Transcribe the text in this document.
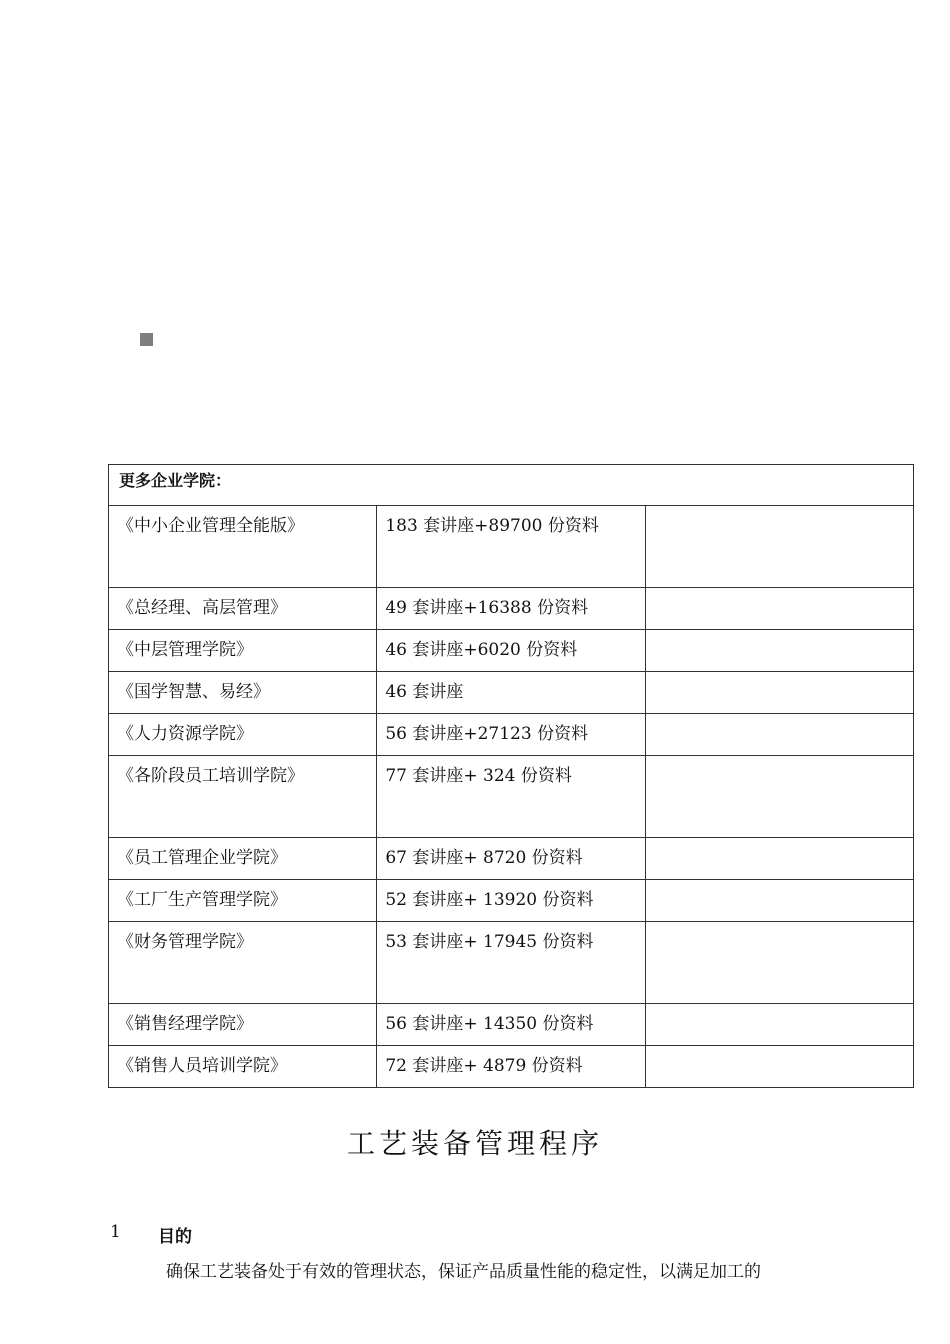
更多企业学院：		
《中小企业管理全能版》	183 套讲座+89700 份资料	
《总经理、高层管理》	49 套讲座+16388 份资料	
《中层管理学院》	46 套讲座+6020 份资料	
《国学智慧、易经》	46 套讲座	
《人力资源学院》	56 套讲座+27123 份资料	
《各阶段员工培训学院》	77 套讲座+ 324 份资料	
《员工管理企业学院》	67 套讲座+ 8720 份资料	
《工厂生产管理学院》	52 套讲座+ 13920 份资料	
《财务管理学院》	53 套讲座+ 17945 份资料	
《销售经理学院》	56 套讲座+ 14350 份资料	
《销售人员培训学院》	72 套讲座+ 4879 份资料	
工艺装备管理程序
1 目的
确保工艺装备处于有效的管理状态，保证产品质量性能的稳定性，以满足加工的
